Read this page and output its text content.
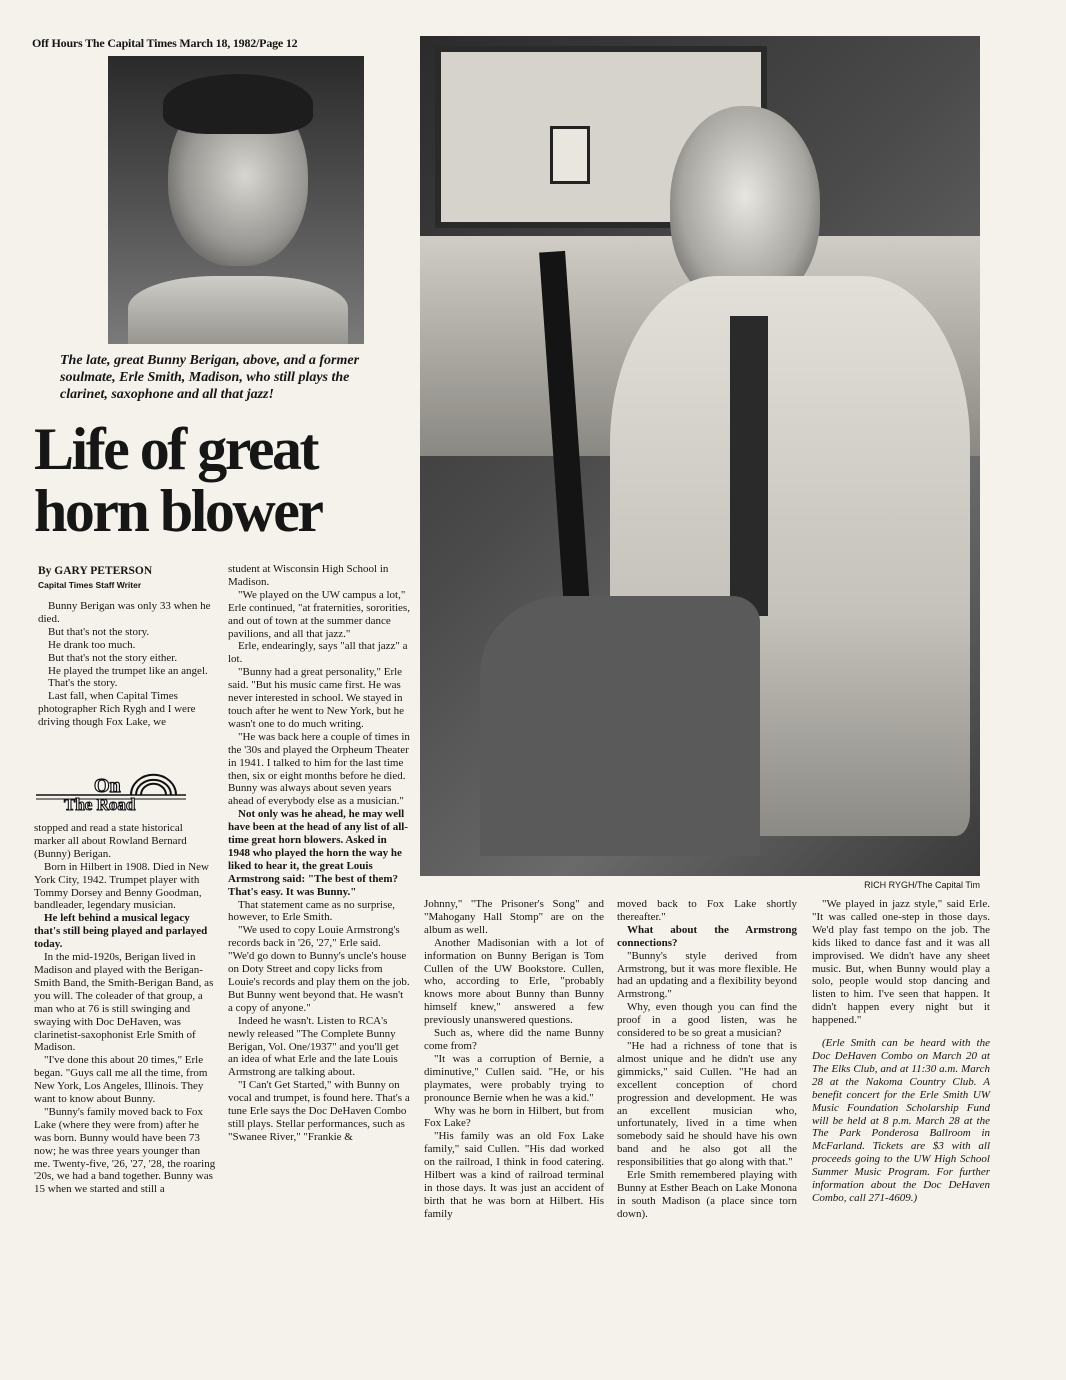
Off Hours The Capital Times March 18, 1982/Page 12
RICH RYGH/The Capital Tim
The late, great Bunny Berigan, above, and a former soulmate, Erle Smith, Madison, who still plays the clarinet, saxophone and all that jazz!
Life of great
horn blower
By GARY PETERSON
Capital Times Staff Writer

Bunny Berigan was only 33 when he died.

But that's not the story.

He drank too much.

But that's not the story either.

He played the trumpet like an angel.

That's the story.

Last fall, when Capital Times photographer Rich Rygh and I were driving though Fox Lake, we

On
The Road

stopped and read a state historical marker all about Rowland Bernard (Bunny) Berigan.

Born in Hilbert in 1908. Died in New York City, 1942. Trumpet player with Tommy Dorsey and Benny Goodman, bandleader, legendary musician.

He left behind a musical legacy that's still being played and parlayed today.

In the mid-1920s, Berigan lived in Madison and played with the Berigan-Smith Band, the Smith-Berigan Band, as you will. The coleader of that group, a man who at 76 is still swinging and swaying with Doc DeHaven, was clarinetist-saxophonist Erle Smith of Madison.

"I've done this about 20 times," Erle began. "Guys call me all the time, from New York, Los Angeles, Illinois. They want to know about Bunny.

"Bunny's family moved back to Fox Lake (where they were from) after he was born. Bunny would have been 73 now; he was three years younger than me. Twenty-five, '26, '27, '28, the roaring '20s, we had a band together. Bunny was 15 when we started and still a

student at Wisconsin High School in Madison.

"We played on the UW campus a lot," Erle continued, "at fraternities, sororities, and out of town at the summer dance pavilions, and all that jazz."

Erle, endearingly, says "all that jazz" a lot.

"Bunny had a great personality," Erle said. "But his music came first. He was never interested in school. We stayed in touch after he went to New York, but he wasn't one to do much writing.

"He was back here a couple of times in the '30s and played the Orpheum Theater in 1941. I talked to him for the last time then, six or eight months before he died. Bunny was always about seven years ahead of everybody else as a musician."

Not only was he ahead, he may well have been at the head of any list of all-time great horn blowers. Asked in 1948 who played the horn the way he liked to hear it, the great Louis Armstrong said: "The best of them? That's easy. It was Bunny."

That statement came as no surprise, however, to Erle Smith.

"We used to copy Louie Armstrong's records back in '26, '27," Erle said. "We'd go down to Bunny's uncle's house on Doty Street and copy licks from Louie's records and play them on the job. But Bunny went beyond that. He wasn't a copy of anyone."

Indeed he wasn't. Listen to RCA's newly released "The Complete Bunny Berigan, Vol. One/1937" and you'll get an idea of what Erle and the late Louis Armstrong are talking about.

"I Can't Get Started," with Bunny on vocal and trumpet, is found here. That's a tune Erle says the Doc DeHaven Combo still plays. Stellar performances, such as "Swanee River," "Frankie &

Johnny," "The Prisoner's Song" and "Mahogany Hall Stomp" are on the album as well.

Another Madisonian with a lot of information on Bunny Berigan is Tom Cullen of the UW Bookstore. Cullen, who, according to Erle, "probably knows more about Bunny than Bunny himself knew," answered a few previously unanswered questions.

Such as, where did the name Bunny come from?

"It was a corruption of Bernie, a diminutive," Cullen said. "He, or his playmates, were probably trying to pronounce Bernie when he was a kid."

Why was he born in Hilbert, but from Fox Lake?

"His family was an old Fox Lake family," said Cullen. "His dad worked on the railroad, I think in food catering. Hilbert was a kind of railroad terminal in those days. It was just an accident of birth that he was born at Hilbert. His family

moved back to Fox Lake shortly thereafter."

What about the Armstrong connections?

"Bunny's style derived from Armstrong, but it was more flexible. He had an updating and a flexibility beyond Armstrong."

Why, even though you can find the proof in a good listen, was he considered to be so great a musician?

"He had a richness of tone that is almost unique and he didn't use any gimmicks," said Cullen. "He had an excellent conception of chord progression and development. He was an excellent musician who, unfortunately, lived in a time when somebody said he should have his own band and he also got all the responsibilities that go along with that."

Erle Smith remembered playing with Bunny at Esther Beach on Lake Monona in south Madison (a place since torn down).

"We played in jazz style," said Erle. "It was called one-step in those days. We'd play fast tempo on the job. The kids liked to dance fast and it was all improvised. We didn't have any sheet music. But, when Bunny would play a solo, people would stop dancing and listen to him. I've seen that happen. It didn't happen every night but it happened."

(Erle Smith can be heard with the Doc DeHaven Combo on March 20 at The Elks Club, and at 11:30 a.m. March 28 at the Nakoma Country Club. A benefit concert for the Erle Smith UW Music Foundation Scholarship Fund will be held at 8 p.m. March 28 at the The Park Ponderosa Ballroom in McFarland. Tickets are $3 with all proceeds going to the UW High School Summer Music Program. For further information about the Doc DeHaven Combo, call 271-4609.)
